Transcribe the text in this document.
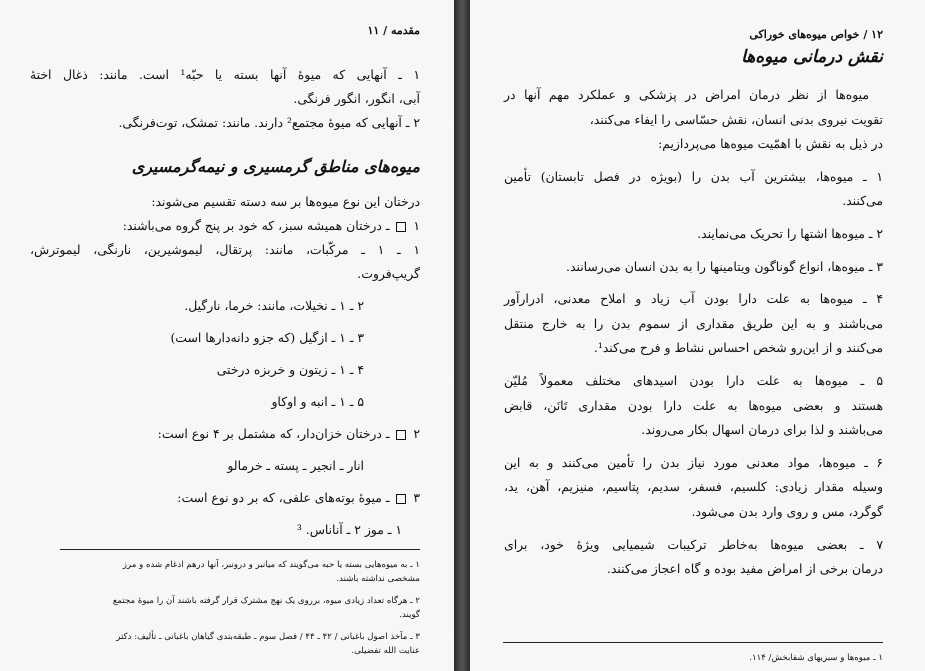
مقدمه / ۱۱
۱ ـ آنهایی که میوهٔ آنها بسته یا حبّه¹ است. مانند: ذغال اختهٔ
آبی، انگور، انگور فرنگی.
۲ ـ آنهایی که میوهٔ مجتمع² دارند. مانند: تمشک، توت‌فرنگی.
میوه‌های مناطق گرمسیری و نیمه‌گرمسیری
درختان این نوع میوه‌ها بر سه دسته تقسیم می‌شوند:
۱  ـ درختان همیشه سبز، که خود بر پنج گروه می‌باشند:
۱ ـ ۱ ـ مرکّبات، مانند: پرتقال، لیموشیرین، نارنگی، لیموترش،
گریپ‌فروت.
۲ ـ ۱ ـ نخیلات، مانند: خرما، نارگیل.
۳ ـ ۱ ـ ازگیل (که جزو دانه‌دارها است)
۴ ـ ۱ ـ زیتون و خربزه درختی
۵ ـ ۱ ـ انبه و اوکاو
۲  ـ درختان خزان‌دار، که مشتمل بر ۴ نوع است:
انار ـ انجیر ـ پسته ـ خرمالو
۳  ـ میوهٔ بوته‌های علفی، که بر دو نوع است:
۱ ـ موز ۲ ـ آناناس. ³
۱ ـ به میوه‌هایی بسته یا حبه می‌گویند که میانبر و درونبر، آنها درهم ادغام شده و مرز
مشخصی نداشته باشند.
۲ ـ هرگاه تعداد زیادی میوه، برروی یک نهج مشترک قرار گرفته باشند آن را میوهٔ مجتمع
گویند.
۳ ـ مآخذ اصول باغبانی / ۴۲ ـ ۴۴ / فصل سوم ـ طبقه‌بندی گیاهان باغبانی ـ تألیف: دکتر
عنایت الله تفضیلی.
۱۲ / خواص میوه‌های خوراکی
نقش درمانی میوه‌ها
میوه‌ها از نظر درمان امراض در پزشکی و عملکرد مهم آنها در
تقویت نیروی بدنی انسان، نقش حسّاسی را ایفاء می‌کنند،
در ذیل به نقش با اهمّیت میوه‌ها می‌پردازیم:
۱ ـ میوه‌ها، بیشترین آب بدن را (بویژه در فصل تابستان) تأمین
می‌کنند.
۲ ـ میوه‌ها اشتها را تحریک می‌نمایند.
۳ ـ میوه‌ها، انواع گوناگون ویتامینها را به بدن انسان می‌رسانند.
۴ ـ میوه‌ها به علت دارا بودن آب زیاد و املاح معدنی، ادرارآور
می‌باشند و به این طریق مقداری از سموم بدن را به خارج منتقل
می‌کنند و از این‌رو شخص احساس نشاط و فرح می‌کند¹.
۵ ـ میوه‌ها به علت دارا بودن اسیدهای مختلف معمولاً مُلیّن
هستند و بعضی میوه‌ها به علت دارا بودن مقداری تَانَن، قابض
می‌باشند و لذا برای درمان اسهال بکار می‌روند.
۶ ـ میوه‌ها، مواد معدنی مورد نیاز بدن را تأمین می‌کنند و به این
وسیله مقدار زیادی: کلسیم، فسفر، سدیم، پتاسیم، منیزیم، آهن، ید،
گوگرد، مس و روی وارد بدن می‌شود.
۷ ـ بعضی میوه‌ها به‌خاطر ترکیبات شیمیایی ویژهٔ خود، برای
درمان برخی از امراض مفید بوده و گاه اعجاز می‌کنند.
۱ ـ میوه‌ها و سبزیهای شفابخش/ ۱۱۴.
